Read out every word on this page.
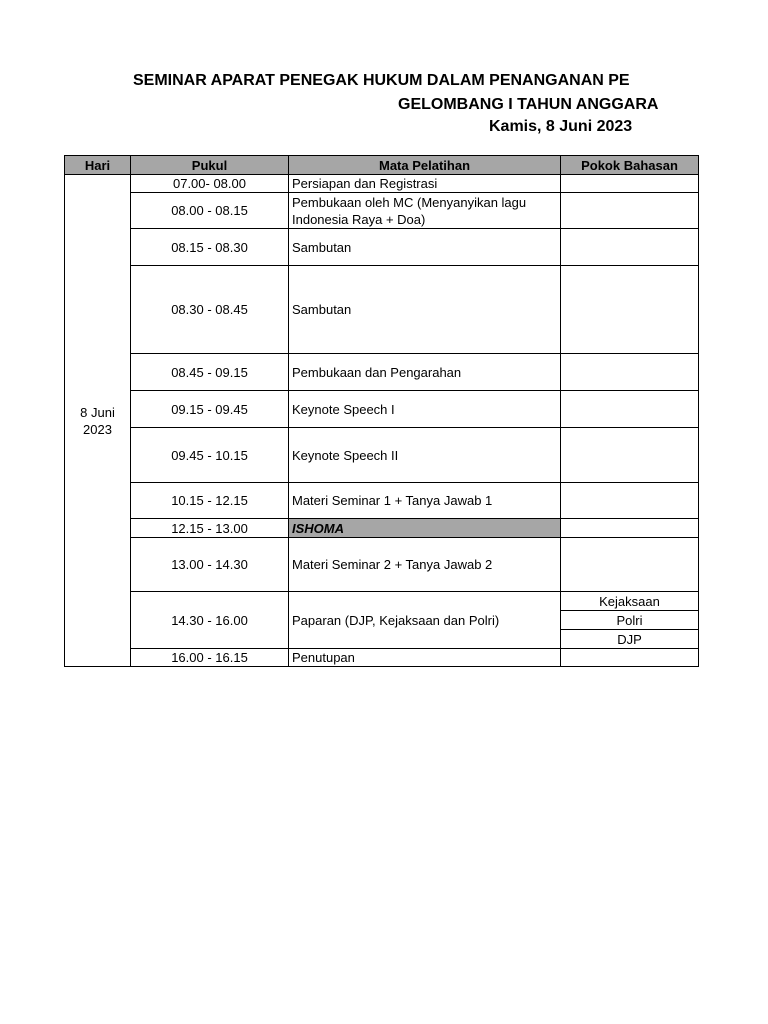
SEMINAR APARAT PENEGAK HUKUM DALAM PENANGANAN PE
GELOMBANG I TAHUN ANGGARA
Kamis, 8 Juni 2023
Hari	Pukul	Mata Pelatihan	Pokok Bahasan

8 Juni
2023	07.00- 08.00	Persiapan dan Registrasi	
	08.00 - 08.15	Pembukaan oleh MC (Menyanyikan lagu Indonesia Raya + Doa)	
	08.15 - 08.30	Sambutan	
	08.30 - 08.45	Sambutan	
	08.45 - 09.15	Pembukaan dan Pengarahan	
	09.15 - 09.45	Keynote Speech I	
	09.45 - 10.15	Keynote Speech II	
	10.15 - 12.15	Materi Seminar 1 + Tanya Jawab 1	
	12.15 - 13.00	ISHOMA	
	13.00 - 14.30	Materi Seminar 2 + Tanya Jawab 2	
	14.30 - 16.00	Paparan (DJP, Kejaksaan dan Polri)	Kejaksaan
			Polri
			DJP
	16.00 - 16.15	Penutupan	
